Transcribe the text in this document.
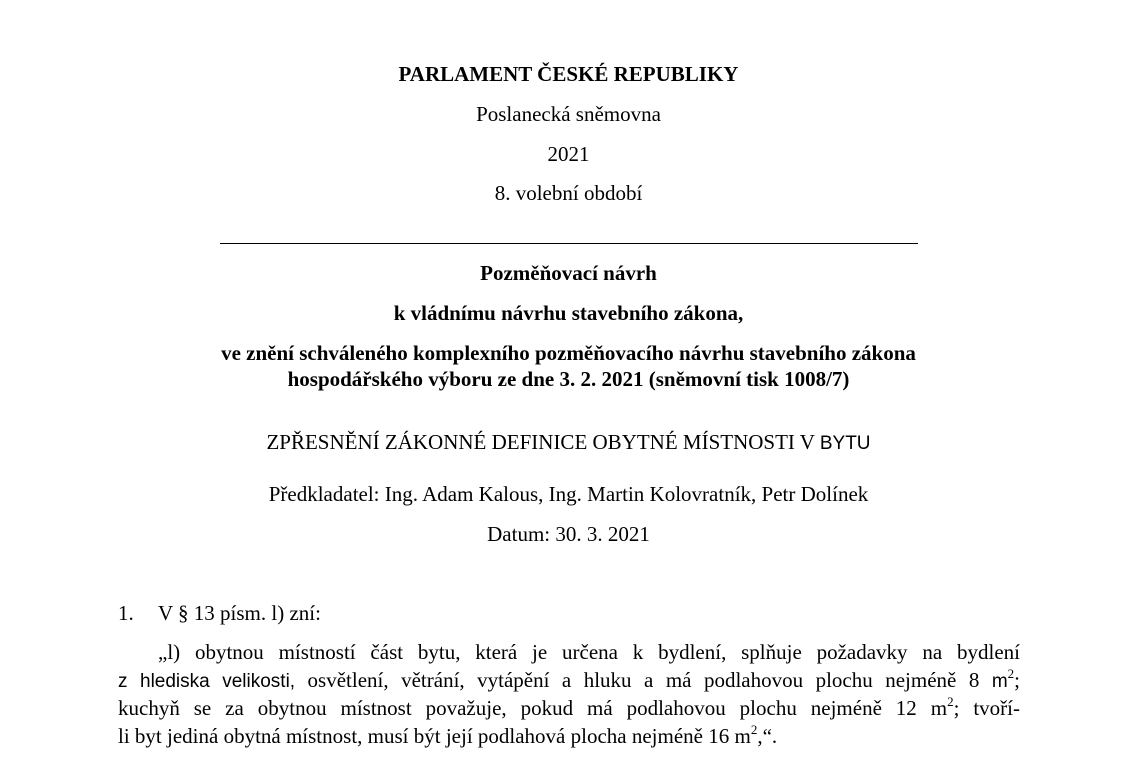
PARLAMENT ČESKÉ REPUBLIKY
Poslanecká sněmovna
2021
8. volební období
Pozměňovací návrh
k vládnímu návrhu stavebního zákona,
ve znění schváleného komplexního pozměňovacího návrhu stavebního zákona
hospodářského výboru ze dne 3. 2. 2021 (sněmovní tisk 1008/7)
ZPŘESNĚNÍ ZÁKONNÉ DEFINICE OBYTNÉ MÍSTNOSTI V BYTU
Předkladatel: Ing. Adam Kalous, Ing. Martin Kolovratník, Petr Dolínek
Datum: 30. 3. 2021
1. V § 13 písm. l) zní:
„l) obytnou místností část bytu, která je určena k bydlení, splňuje požadavky na bydlení
z hlediska velikosti, osvětlení, větrání, vytápění a hluku a má podlahovou plochu nejméně 8 $m^2$;
kuchyň se za obytnou místnost považuje, pokud má podlahovou plochu nejméně 12 $m^2$; tvoří-
li byt jediná obytná místnost, musí být její podlahová plocha nejméně 16 $m^2,“$.
